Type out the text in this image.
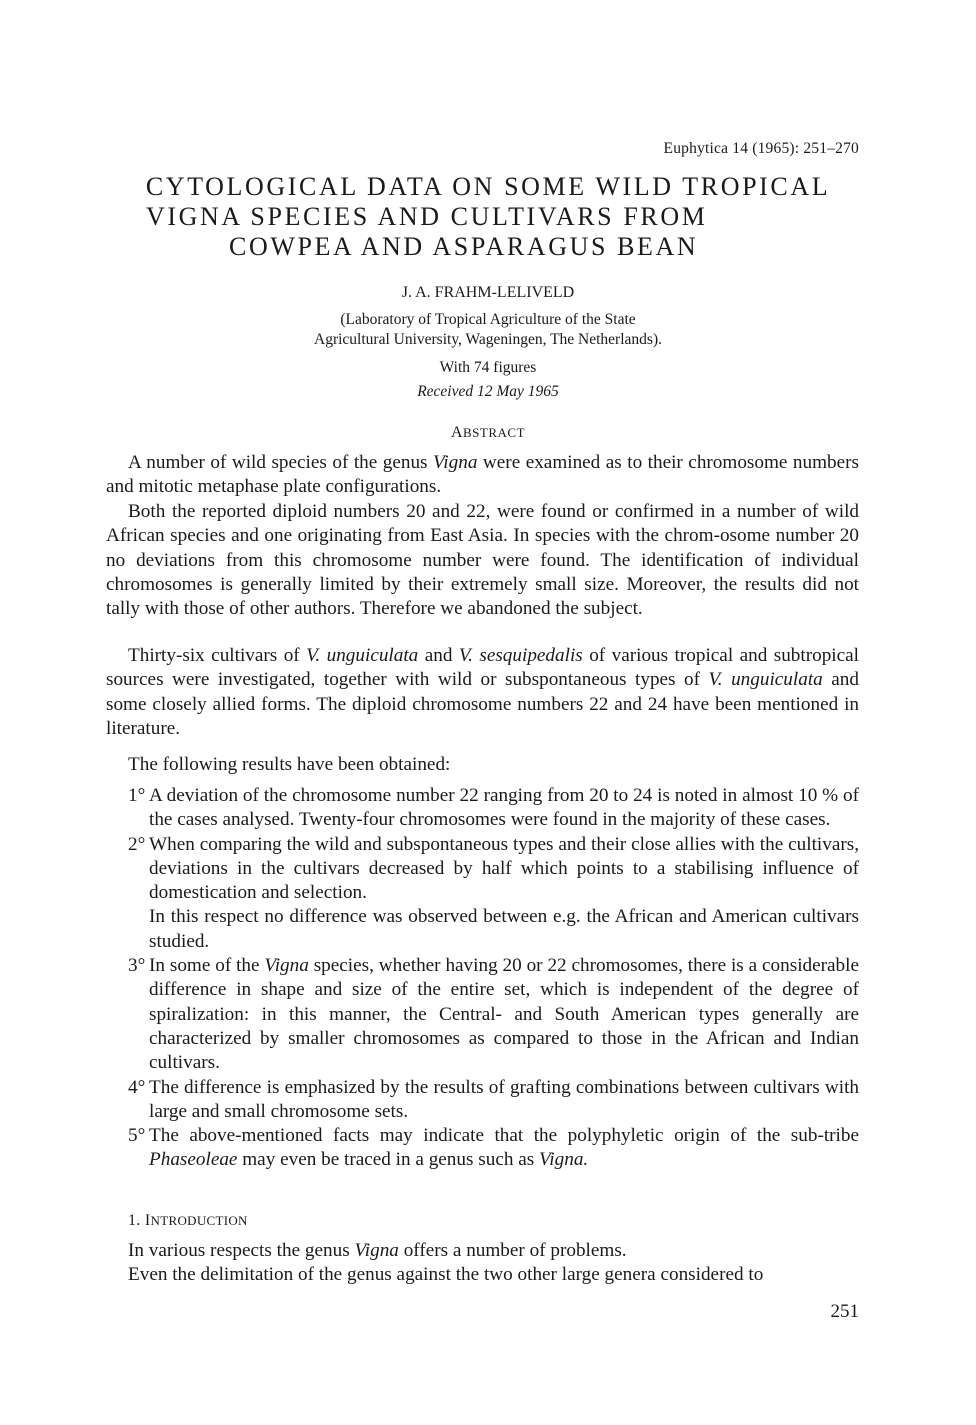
Euphytica 14 (1965): 251–270
CYTOLOGICAL DATA ON SOME WILD TROPICAL
VIGNA SPECIES AND CULTIVARS FROM
COWPEA AND ASPARAGUS BEAN
J. A. FRAHM-LELIVELD
(Laboratory of Tropical Agriculture of the State
Agricultural University, Wageningen, The Netherlands).
With 74 figures
Received 12 May 1965
ABSTRACT

A number of wild species of the genus Vigna were examined as to their chromosome numbers and mitotic metaphase plate configurations.

Both the reported diploid numbers 20 and 22, were found or confirmed in a number of wild African species and one originating from East Asia. In species with the chrom-osome number 20 no deviations from this chromosome number were found. The identification of individual chromosomes is generally limited by their extremely small size. Moreover, the results did not tally with those of other authors. Therefore we abandoned the subject.

Thirty-six cultivars of V. unguiculata and V. sesquipedalis of various tropical and subtropical sources were investigated, together with wild or subspontaneous types of V. unguiculata and some closely allied forms. The diploid chromosome numbers 22 and 24 have been mentioned in literature.

The following results have been obtained:

1° A deviation of the chromosome number 22 ranging from 20 to 24 is noted in almost 10 % of the cases analysed. Twenty-four chromosomes were found in the majority of these cases.
2° When comparing the wild and subspontaneous types and their close allies with the cultivars, deviations in the cultivars decreased by half which points to a stabilising influence of domestication and selection.
In this respect no difference was observed between e.g. the African and American cultivars studied.
3° In some of the Vigna species, whether having 20 or 22 chromosomes, there is a considerable difference in shape and size of the entire set, which is independent of the degree of spiralization: in this manner, the Central- and South American types generally are characterized by smaller chromosomes as compared to those in the African and Indian cultivars.
4° The difference is emphasized by the results of grafting combinations between cultivars with large and small chromosome sets.
5° The above-mentioned facts may indicate that the polyphyletic origin of the sub-tribe Phaseoleae may even be traced in a genus such as Vigna.
1. INTRODUCTION

In various respects the genus Vigna offers a number of problems.

Even the delimitation of the genus against the two other large genera considered to

251
